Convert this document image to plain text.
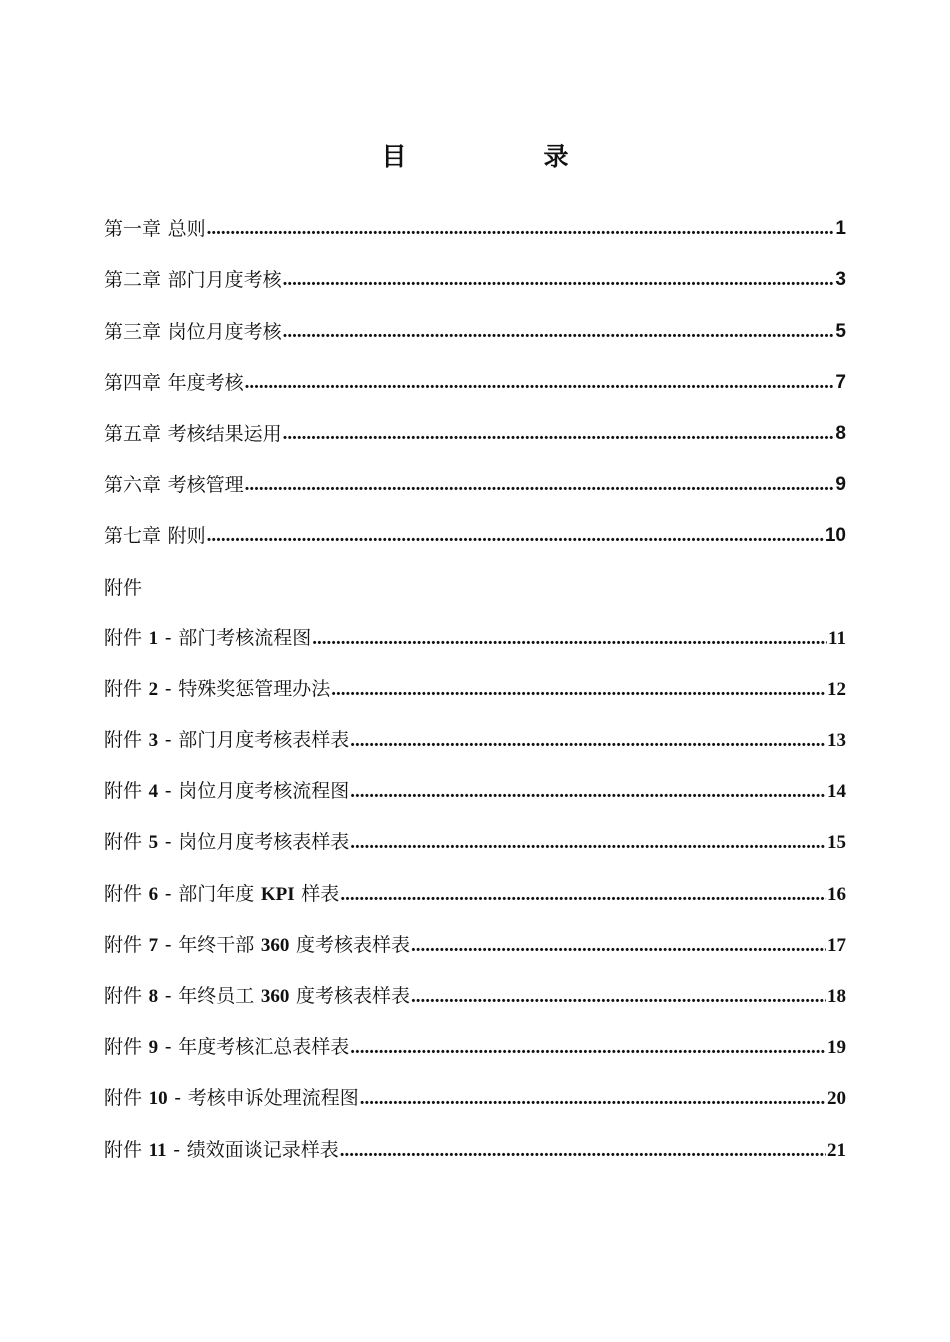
目　录
第一章 总则 .....	1
第二章 部门月度考核 .....	3
第三章 岗位月度考核 .....	5
第四章 年度考核 .....	7
第五章 考核结果运用 .....	8
第六章 考核管理 .....	9
第七章 附则 .....	10
附件
附件 1 - 部门考核流程图 .....	11
附件 2 - 特殊奖惩管理办法 .....	12
附件 3 - 部门月度考核表样表 .....	13
附件 4 - 岗位月度考核流程图 .....	14
附件 5 - 岗位月度考核表样表 .....	15
附件 6 - 部门年度 KPI 样表 .....	16
附件 7 - 年终干部 360 度考核表样表 .....	17
附件 8 - 年终员工 360 度考核表样表 .....	18
附件 9 - 年度考核汇总表样表 .....	19
附件 10 - 考核申诉处理流程图 .....	20
附件 11 - 绩效面谈记录样表 .....	21
